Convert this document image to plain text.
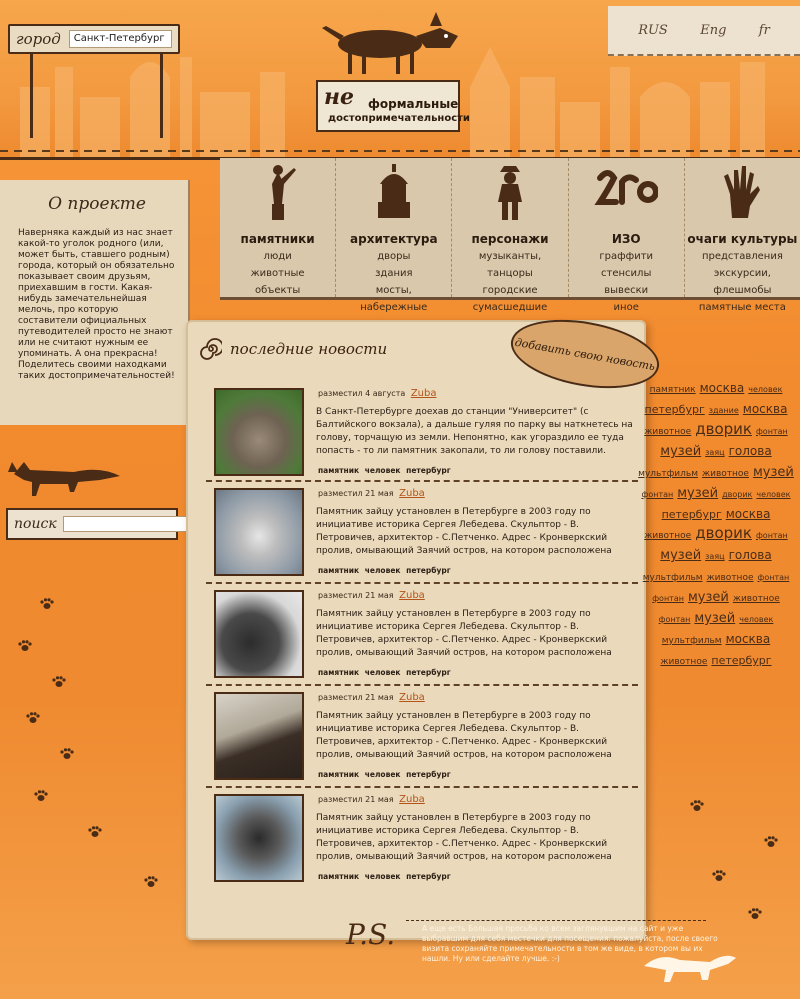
город	Санкт-Петербург
RUS Eng fr
не формальные
достопримечательности
памятники
люди
животные
объекты
архитектура
дворы
здания
мосты,
набережные
персонажи
музыканты,
танцоры
городские
сумасшедшие
ИЗО
граффити
стенсилы
вывески
иное
очаги культуры
представления
экскурсии,
флешмобы
памятные места
О проекте

Наверняка каждый из нас знает какой-то уголок родного (или, может быть, ставшего родным) города, который он обязательно показывает своим друзьям, приехавшим в гости. Какая-нибудь замечательнейшая мелочь, про которую составители официальных путеводителей просто не знают или не считают нужным ее упоминать. А она прекрасна! Поделитесь своими находками таких достопримечательностей!

поиск
последние новости	добавить свою новость
разместил 4 августа Zuba

В Санкт-Петербурге доехав до станции "Университет" (с Балтийского вокзала), а дальше гуляя по парку вы наткнетесь на голову, торчащую из земли. Непонятно, как угораздило ее туда попасть - то ли памятник закопали, то ли голову поставили.

памятник человек петербург
разместил 21 мая Zuba

Памятник зайцу установлен в Петербурге в 2003 году по инициативе историка Сергея Лебедева. Скульптор - В. Петровичев, архитектор - С.Петченко. Адрес - Кронверкский пролив, омывающий Заячий остров, на котором расположена

памятник человек петербург
разместил 21 мая Zuba

Памятник зайцу установлен в Петербурге в 2003 году по инициативе историка Сергея Лебедева. Скульптор - В. Петровичев, архитектор - С.Петченко. Адрес - Кронверкский пролив, омывающий Заячий остров, на котором расположена

памятник человек петербург
разместил 21 мая Zuba

Памятник зайцу установлен в Петербурге в 2003 году по инициативе историка Сергея Лебедева. Скульптор - В. Петровичев, архитектор - С.Петченко. Адрес - Кронверкский пролив, омывающий Заячий остров, на котором расположена

памятник человек петербург
разместил 21 мая Zuba

Памятник зайцу установлен в Петербурге в 2003 году по инициативе историка Сергея Лебедева. Скульптор - В. Петровичев, архитектор - С.Петченко. Адрес - Кронверкский пролив, омывающий Заячий остров, на котором расположена

памятник человек петербург
памятник москва человекпетербург здание москваживотное дворик фонтанмузей заяц головамультфильм животное музейфонтан музей дворик человекпетербург москваживотное дворик фонтанмузей заяц головамультфильм животное фонтанфонтан музей животноефонтан музей человекмультфильм москваживотное петербург
P.S.	А еще есть Большая просьба ко всем заглянувшим на сайт и уже выбравшим для себя местечки для посещения: пожалуйста, после своего визита сохраняйте примечательности в том же виде, в котором вы их нашли. Ну или сделайте лучше. :-)
